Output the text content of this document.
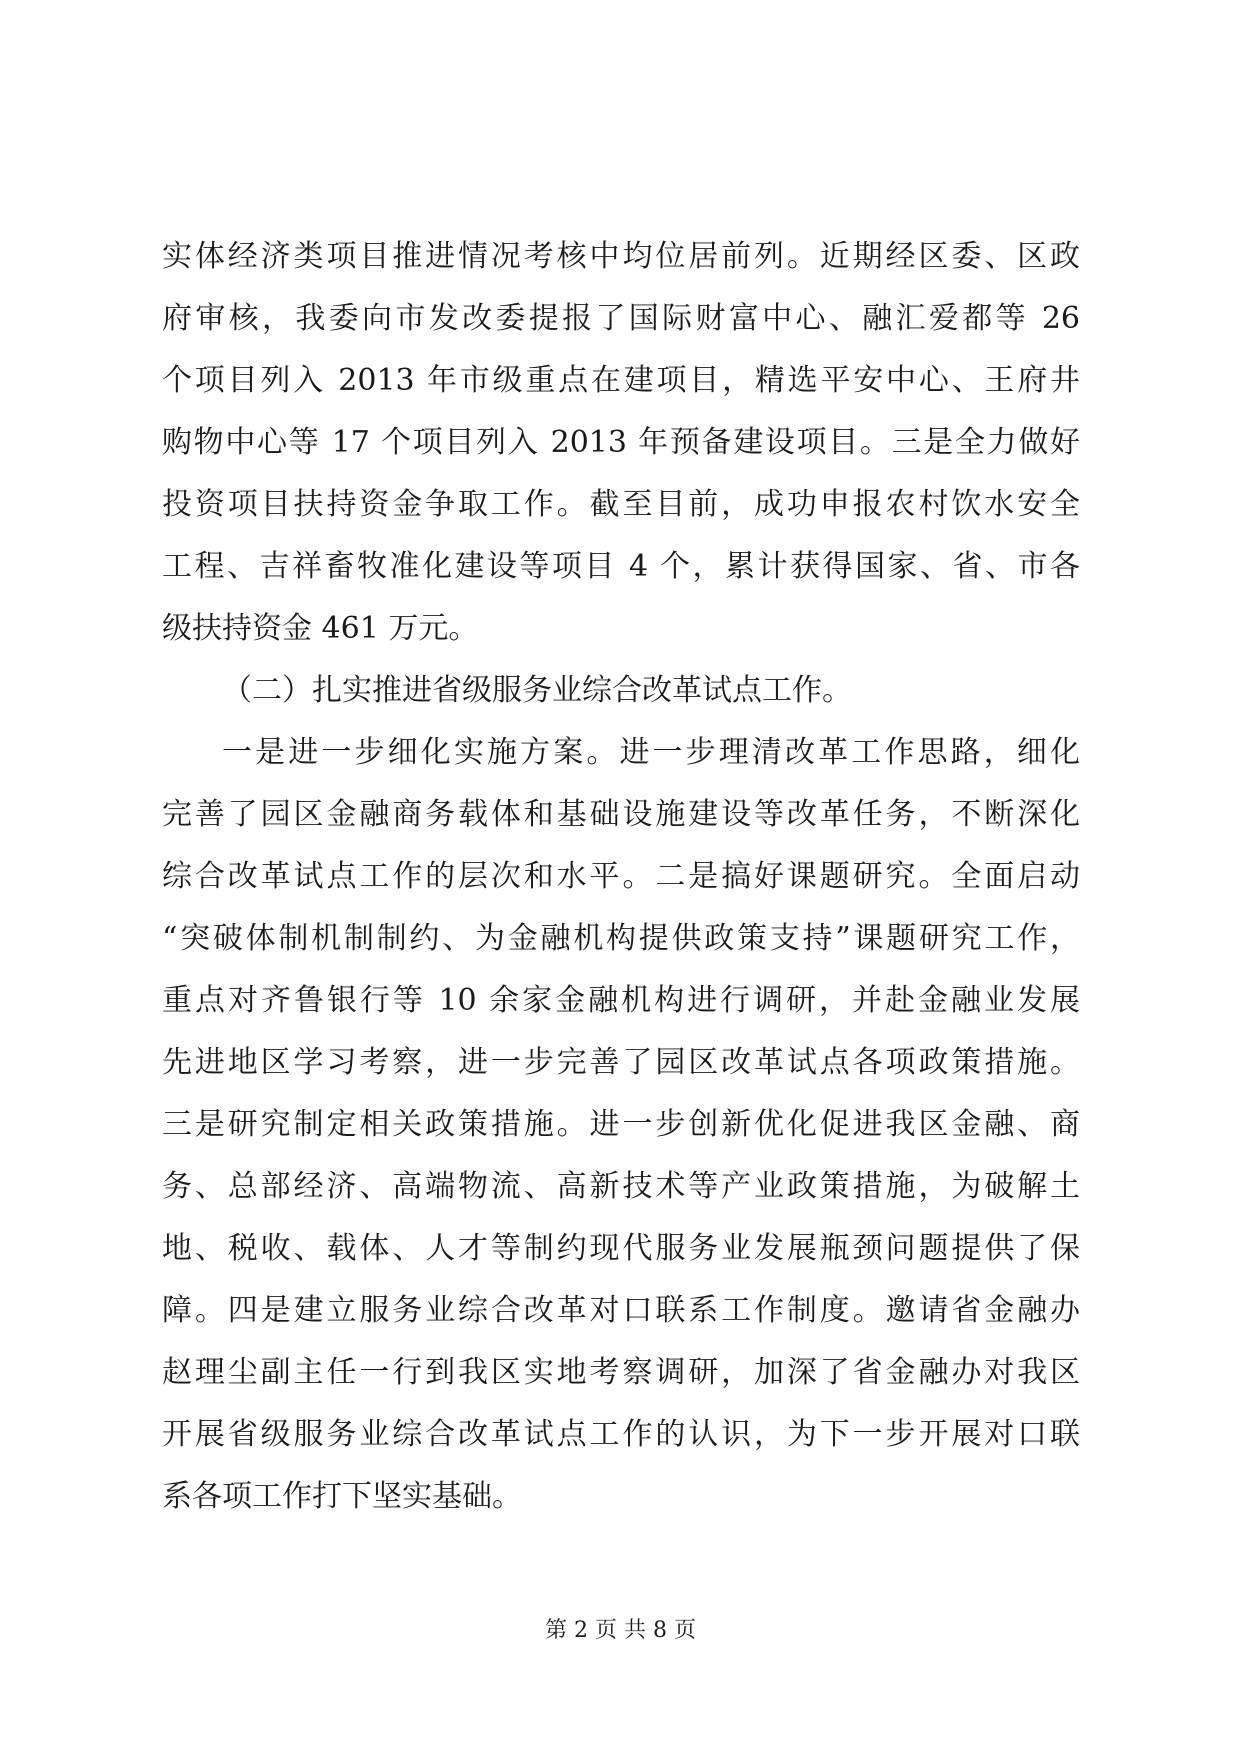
实体经济类项目推进情况考核中均位居前列。近期经区委、区政
府审核，我委向市发改委提报了国际财富中心、融汇爱都等 26
个项目列入 2013 年市级重点在建项目，精选平安中心、王府井
购物中心等 17 个项目列入 2013 年预备建设项目。三是全力做好
投资项目扶持资金争取工作。截至目前，成功申报农村饮水安全
工程、吉祥畜牧准化建设等项目 4 个，累计获得国家、省、市各
级扶持资金 461 万元。
（二）扎实推进省级服务业综合改革试点工作。
一是进一步细化实施方案。进一步理清改革工作思路，细化
完善了园区金融商务载体和基础设施建设等改革任务，不断深化
综合改革试点工作的层次和水平。二是搞好课题研究。全面启动
“突破体制机制制约、为金融机构提供政策支持”课题研究工作，
重点对齐鲁银行等 10 余家金融机构进行调研，并赴金融业发展
先进地区学习考察，进一步完善了园区改革试点各项政策措施。
三是研究制定相关政策措施。进一步创新优化促进我区金融、商
务、总部经济、高端物流、高新技术等产业政策措施，为破解土
地、税收、载体、人才等制约现代服务业发展瓶颈问题提供了保
障。四是建立服务业综合改革对口联系工作制度。邀请省金融办
赵理尘副主任一行到我区实地考察调研，加深了省金融办对我区
开展省级服务业综合改革试点工作的认识，为下一步开展对口联
系各项工作打下坚实基础。
第 2 页 共 8 页
